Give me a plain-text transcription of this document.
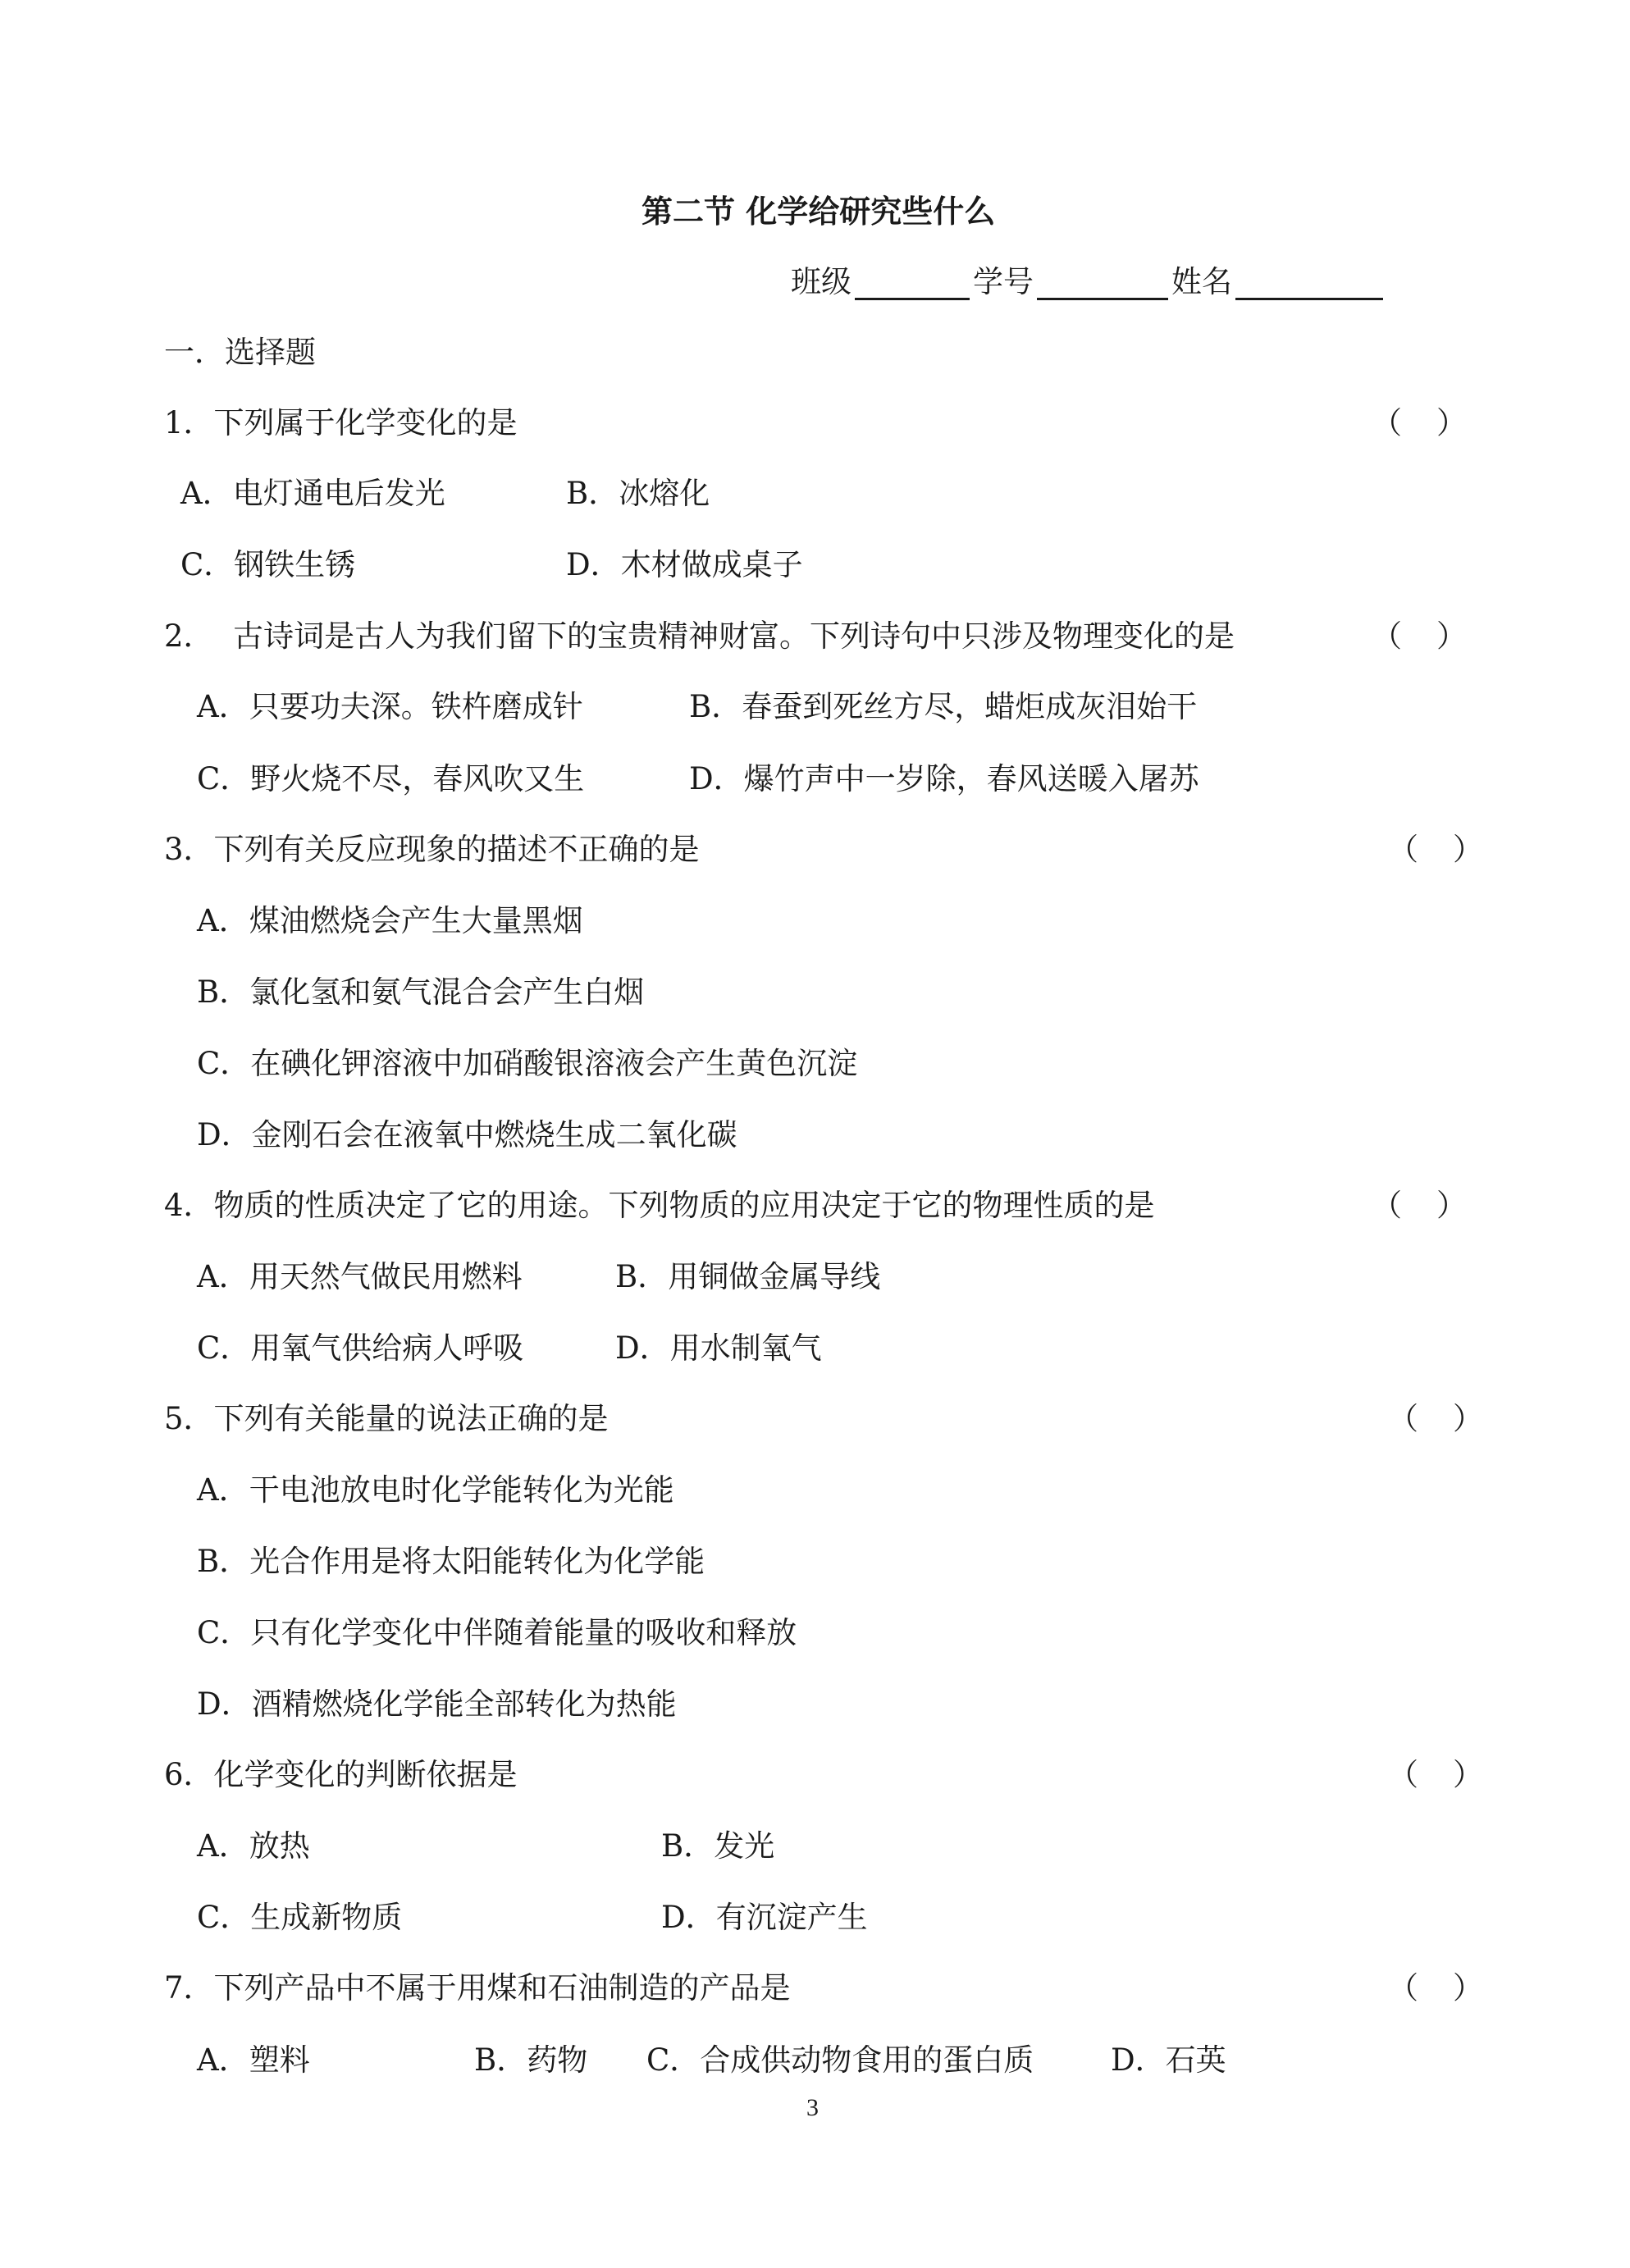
第二节 化学给研究些什么
班级	学号	姓名
一．选择题
1．下列属于化学变化的是	（ ）
A．电灯通电后发光	B．冰熔化
C．钢铁生锈	D．木材做成桌子
2．  古诗词是古人为我们留下的宝贵精神财富。下列诗句中只涉及物理变化的是	（ ）
A．只要功夫深。铁杵磨成针	B．春蚕到死丝方尽，蜡炬成灰泪始干
C．野火烧不尽，春风吹又生	D．爆竹声中一岁除，春风送暖入屠苏
3．下列有关反应现象的描述不正确的是	（ ）
A．煤油燃烧会产生大量黑烟
B．氯化氢和氨气混合会产生白烟
C．在碘化钾溶液中加硝酸银溶液会产生黄色沉淀
D．金刚石会在液氧中燃烧生成二氧化碳
4．物质的性质决定了它的用途。下列物质的应用决定于它的物理性质的是	（ ）
A．用天然气做民用燃料	B．用铜做金属导线
C．用氧气供给病人呼吸	D．用水制氧气
5．下列有关能量的说法正确的是	（ ）
A．干电池放电时化学能转化为光能
B．光合作用是将太阳能转化为化学能
C．只有化学变化中伴随着能量的吸收和释放
D．酒精燃烧化学能全部转化为热能
6．化学变化的判断依据是	（ ）
A．放热	B．发光
C．生成新物质	D．有沉淀产生
7．下列产品中不属于用煤和石油制造的产品是	（ ）
A．塑料	B．药物 C．合成供动物食用的蛋白质	D．石英
3
